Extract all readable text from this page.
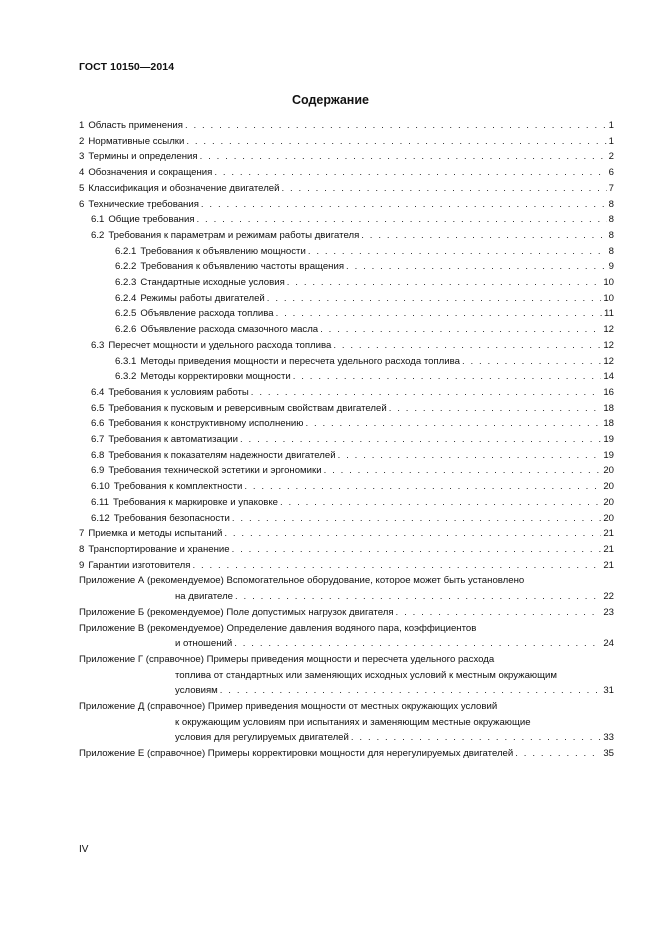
ГОСТ 10150—2014
Содержание
1 Область применения . . .	1
2 Нормативные ссылки . . .	1
3 Термины и определения . . .	2
4 Обозначения и сокращения . . .	6
5 Классификация и обозначение двигателей . . .	7
6 Технические требования . . .	8
6.1 Общие требования . . .	8
6.2 Требования к параметрам и режимам работы двигателя . . .	8
6.2.1 Требования к объявлению мощности . . .	8
6.2.2 Требования к объявлению частоты вращения . . .	9
6.2.3 Стандартные исходные условия . . .	10
6.2.4 Режимы работы двигателей . . .	10
6.2.5 Объявление расхода топлива . . .	11
6.2.6 Объявление расхода смазочного масла . . .	12
6.3 Пересчет мощности и удельного расхода топлива . . .	12
6.3.1 Методы приведения мощности и пересчета удельного расхода топлива . . .	12
6.3.2 Методы корректировки мощности . . .	14
6.4 Требования к условиям работы . . .	16
6.5 Требования к пусковым и реверсивным свойствам двигателей . . .	18
6.6 Требования к конструктивному исполнению . . .	18
6.7 Требования к автоматизации . . .	19
6.8 Требования к показателям надежности двигателей . . .	19
6.9 Требования технической эстетики и эргономики . . .	20
6.10 Требования к комплектности . . .	20
6.11 Требования к маркировке и упаковке . . .	20
6.12 Требования безопасности . . .	20
7 Приемка и методы испытаний . . .	21
8 Транспортирование и хранение . . .	21
9 Гарантии изготовителя . . .	21
Приложение А (рекомендуемое) Вспомогательное оборудование, которое может быть установлено
на двигателе . . .	22
Приложение Б (рекомендуемое) Поле допустимых нагрузок двигателя . . .	23
Приложение В (рекомендуемое) Определение давления водяного пара, коэффициентов
и отношений . . .	24
Приложение Г (справочное) Примеры приведения мощности и пересчета удельного расхода
топлива от стандартных или заменяющих исходных условий к местным окружающим
условиям . . .	31
Приложение Д (справочное) Пример приведения мощности от местных окружающих условий
к окружающим условиям при испытаниях и заменяющим местные окружающие
условия для регулируемых двигателей . . .	33
Приложение Е (справочное) Примеры корректировки мощности для нерегулируемых двигателей . . .	35
IV
